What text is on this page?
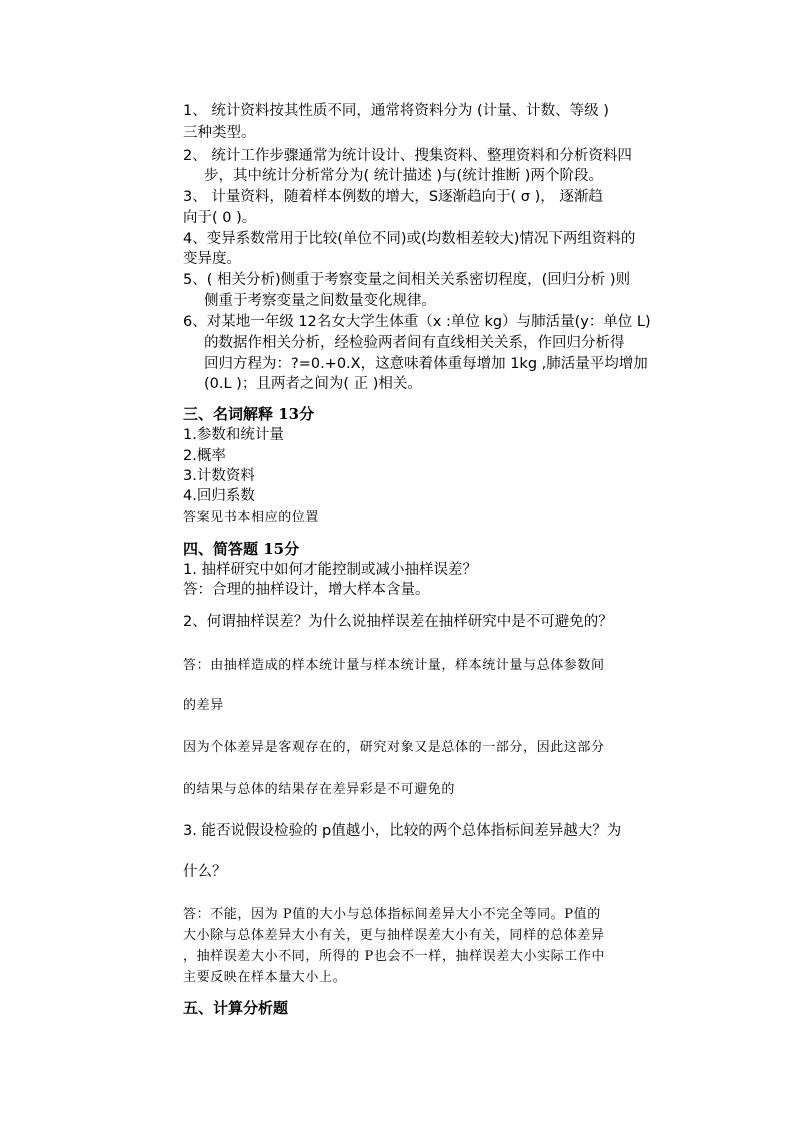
1、 统计资料按其性质不同，通常将资料分为 (计量、计数、等级 )
三种类型。
2、 统计工作步骤通常为统计设计、搜集资料、整理资料和分析资料四
步，其中统计分析常分为( 统计描述 )与(统计推断 )两个阶段。
3、 计量资料，随着样本例数的增大，S逐渐趋向于( σ )， 逐渐趋
向于( 0 )。
4、变异系数常用于比较(单位不同)或(均数相差较大)情况下两组资料的
变异度。
5、( 相关分析)侧重于考察变量之间相关关系密切程度，(回归分析 )则
侧重于考察变量之间数量变化规律。
6、对某地一年级 12名女大学生体重（x :单位 kg）与肺活量(y：单位 L)
的数据作相关分析，经检验两者间有直线相关关系，作回归分析得
回归方程为：?=0.+0.X，这意味着体重每增加 1kg ,肺活量平均增加
(0.L )；且两者之间为( 正 )相关。
三、名词解释 13分
1.参数和统计量
2.概率
3.计数资料
4.回归系数
答案见书本相应的位置
四、简答题 15分
1. 抽样研究中如何才能控制或减小抽样误差？
答：合理的抽样设计，增大样本含量。
2、何谓抽样误差？为什么说抽样误差在抽样研究中是不可避免的？
答：由抽样造成的样本统计量与样本统计量，样本统计量与总体参数间
的差异
因为个体差异是客观存在的，研究对象又是总体的一部分，因此这部分
的结果与总体的结果存在差异彩是不可避免的
3. 能否说假设检验的 p值越小，比较的两个总体指标间差异越大？为
什么？
答：不能，因为 P值的大小与总体指标间差异大小不完全等同。P值的
大小除与总体差异大小有关，更与抽样误差大小有关，同样的总体差异
，抽样误差大小不同，所得的 P也会不一样，抽样误差大小实际工作中
主要反映在样本量大小上。
五、计算分析题
